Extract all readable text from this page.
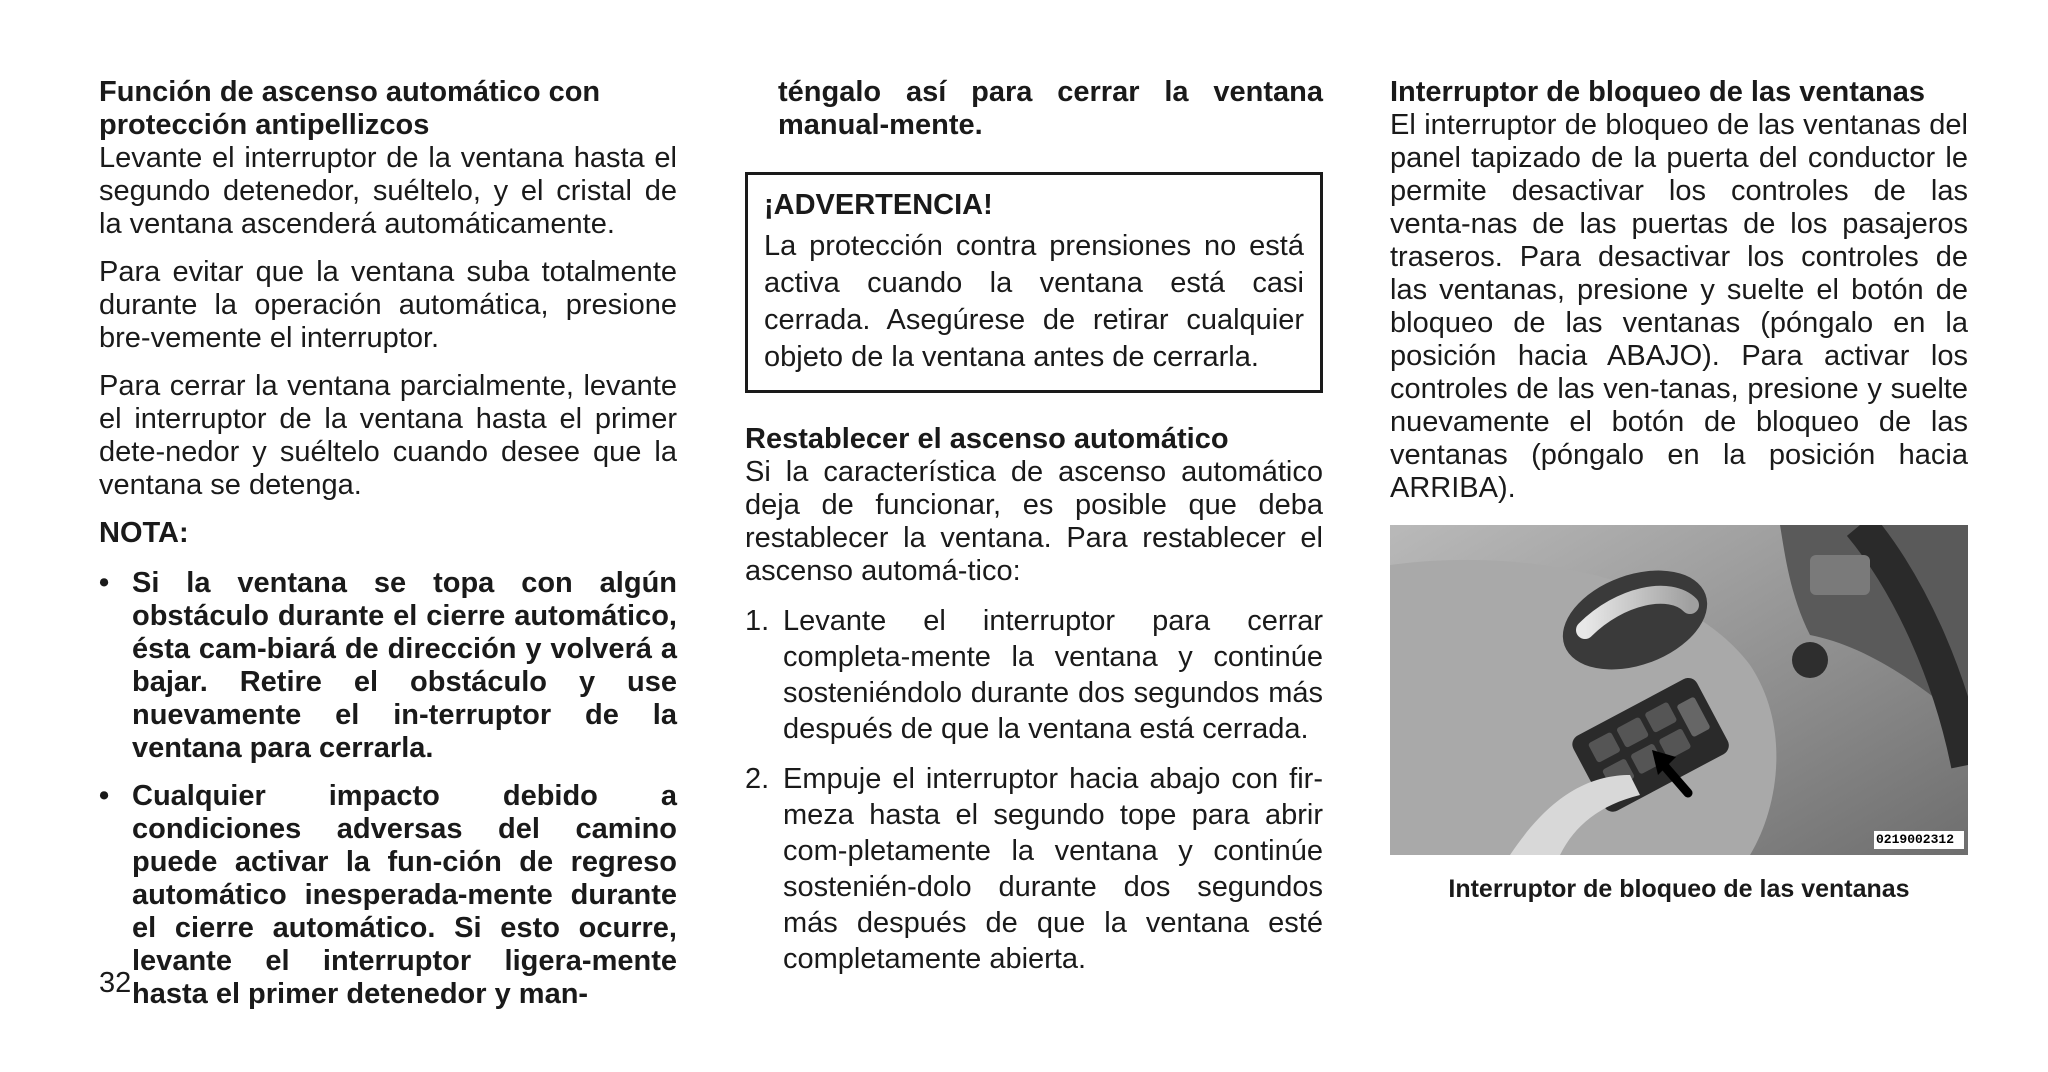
Función de ascenso automático con protección antipellizcos

Levante el interruptor de la ventana hasta el segundo detenedor, suéltelo, y el cristal de la ventana ascenderá automáticamente.

Para evitar que la ventana suba totalmente durante la operación automática, presione bre-vemente el interruptor.

Para cerrar la ventana parcialmente, levante el interruptor de la ventana hasta el primer dete-nedor y suéltelo cuando desee que la ventana se detenga.

NOTA:
• Si la ventana se topa con algún obstáculo durante el cierre automático, ésta cam-biará de dirección y volverá a bajar. Retire el obstáculo y use nuevamente el in-terruptor de la ventana para cerrarla.
• Cualquier impacto debido a condiciones adversas del camino puede activar la fun-ción de regreso automático inesperada-mente durante el cierre automático. Si esto ocurre, levante el interruptor ligera-mente hasta el primer detenedor y man-
téngalo así para cerrar la ventana manual-mente.
¡ADVERTENCIA!
La protección contra prensiones no está activa cuando la ventana está casi cerrada. Asegúrese de retirar cualquier objeto de la ventana antes de cerrarla.
Restablecer el ascenso automático

Si la característica de ascenso automático deja de funcionar, es posible que deba restablecer la ventana. Para restablecer el ascenso automá-tico:

1. Levante el interruptor para cerrar completa-mente la ventana y continúe sosteniéndolo durante dos segundos más después de que la ventana está cerrada.
2. Empuje el interruptor hacia abajo con fir-meza hasta el segundo tope para abrir com-pletamente la ventana y continúe sostenién-dolo durante dos segundos más después de que la ventana esté completamente abierta.
Interruptor de bloqueo de las ventanas

El interruptor de bloqueo de las ventanas del panel tapizado de la puerta del conductor le permite desactivar los controles de las venta-nas de las puertas de los pasajeros traseros. Para desactivar los controles de las ventanas, presione y suelte el botón de bloqueo de las ventanas (póngalo en la posición hacia ABAJO). Para activar los controles de las ven-tanas, presione y suelte nuevamente el botón de bloqueo de las ventanas (póngalo en la posición hacia ARRIBA).

0219002312
Interruptor de bloqueo de las ventanas
32
